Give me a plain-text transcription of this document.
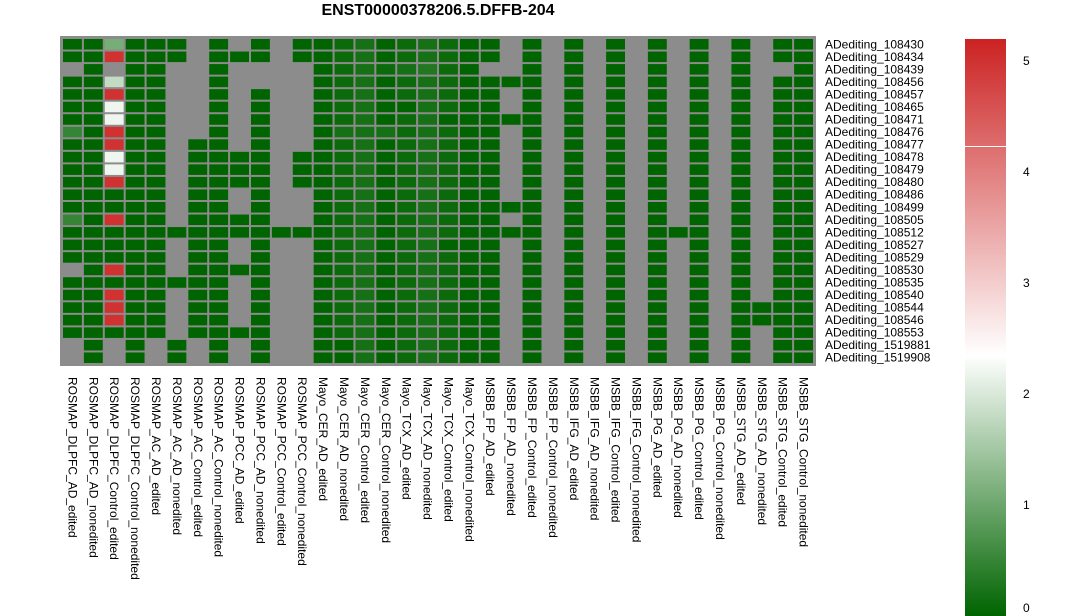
ENST00000378206.5.DFFB-204
ADediting_108430
ADediting_108434
ADediting_108439
ADediting_108456
ADediting_108457
ADediting_108465
ADediting_108471
ADediting_108476
ADediting_108477
ADediting_108478
ADediting_108479
ADediting_108480
ADediting_108486
ADediting_108499
ADediting_108505
ADediting_108512
ADediting_108527
ADediting_108529
ADediting_108530
ADediting_108535
ADediting_108540
ADediting_108544
ADediting_108546
ADediting_108553
ADediting_1519881
ADediting_1519908
ROSMAP_DLPFC_AD_edited ROSMAP_DLPFC_AD_nonedited ROSMAP_DLPFC_Control_edited ROSMAP_DLPFC_Control_nonedited ROSMAP_AC_AD_edited ROSMAP_AC_AD_nonedited ROSMAP_AC_Control_edited ROSMAP_AC_Control_nonedited ROSMAP_PCC_AD_edited ROSMAP_PCC_AD_nonedited ROSMAP_PCC_Control_edited ROSMAP_PCC_Control_nonedited Mayo_CER_AD_edited Mayo_CER_AD_nonedited Mayo_CER_Control_edited Mayo_CER_Control_nonedited Mayo_TCX_AD_edited Mayo_TCX_AD_nonedited Mayo_TCX_Control_edited Mayo_TCX_Control_nonedited MSBB_FP_AD_edited MSBB_FP_AD_nonedited MSBB_FP_Control_edited MSBB_FP_Control_nonedited MSBB_IFG_AD_edited MSBB_IFG_AD_nonedited MSBB_IFG_Control_edited MSBB_IFG_Control_nonedited MSBB_PG_AD_edited MSBB_PG_AD_nonedited MSBB_PG_Control_edited MSBB_PG_Control_nonedited MSBB_STG_AD_edited MSBB_STG_AD_nonedited MSBB_STG_Control_edited MSBB_STG_Control_nonedited
0
1
2
3
4
5
